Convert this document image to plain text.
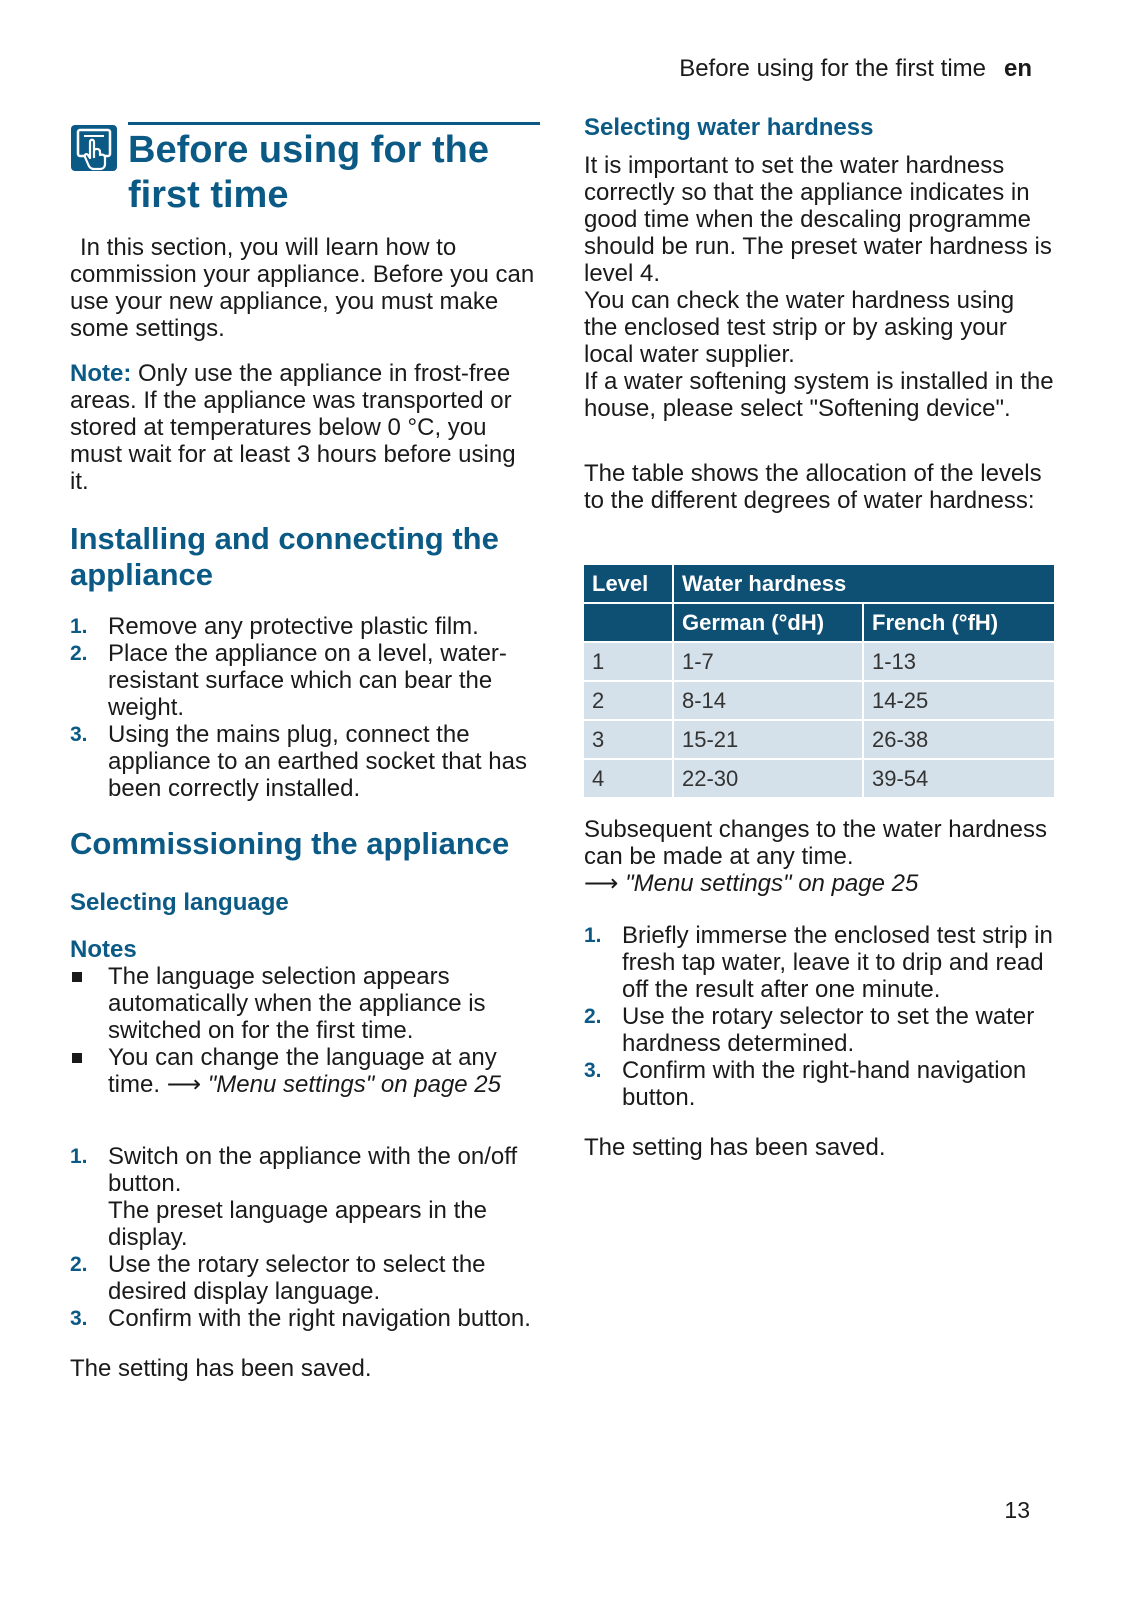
Before using for the first time en
Before using for the first time

In this section, you will learn how to commission your appliance. Before you can use your new appliance, you must make some settings.

Note: Only use the appliance in frost-free areas. If the appliance was transported or stored at temperatures below 0 °C, you must wait for at least 3 hours before using it.

Installing and connecting the appliance
1. Remove any protective plastic film.
2. Place the appliance on a level, water-resistant surface which can bear the weight.
3. Using the mains plug, connect the appliance to an earthed socket that has been correctly installed.
Commissioning the appliance
Selecting language
Notes
The language selection appears automatically when the appliance is switched on for the first time.
You can change the language at any time. ⟶ "Menu settings" on page 25
1. Switch on the appliance with the on/off button.
The preset language appears in the display.
2. Use the rotary selector to select the desired display language.
3. Confirm with the right navigation button.

The setting has been saved.

Selecting water hardness

It is important to set the water hardness correctly so that the appliance indicates in good time when the descaling programme should be run. The preset water hardness is level 4.

You can check the water hardness using the enclosed test strip or by asking your local water supplier.

If a water softening system is installed in the house, please select "Softening device".

The table shows the allocation of the levels to the different degrees of water hardness:

Level	Water hardness	
	German (°dH)	French (°fH)
1	1-7	1-13
2	8-14	14-25
3	15-21	26-38
4	22-30	39-54

Subsequent changes to the water hardness can be made at any time.
⟶ "Menu settings" on page 25

1. Briefly immerse the enclosed test strip in fresh tap water, leave it to drip and read off the result after one minute.
2. Use the rotary selector to set the water hardness determined.
3. Confirm with the right-hand navigation button.

The setting has been saved.

13
